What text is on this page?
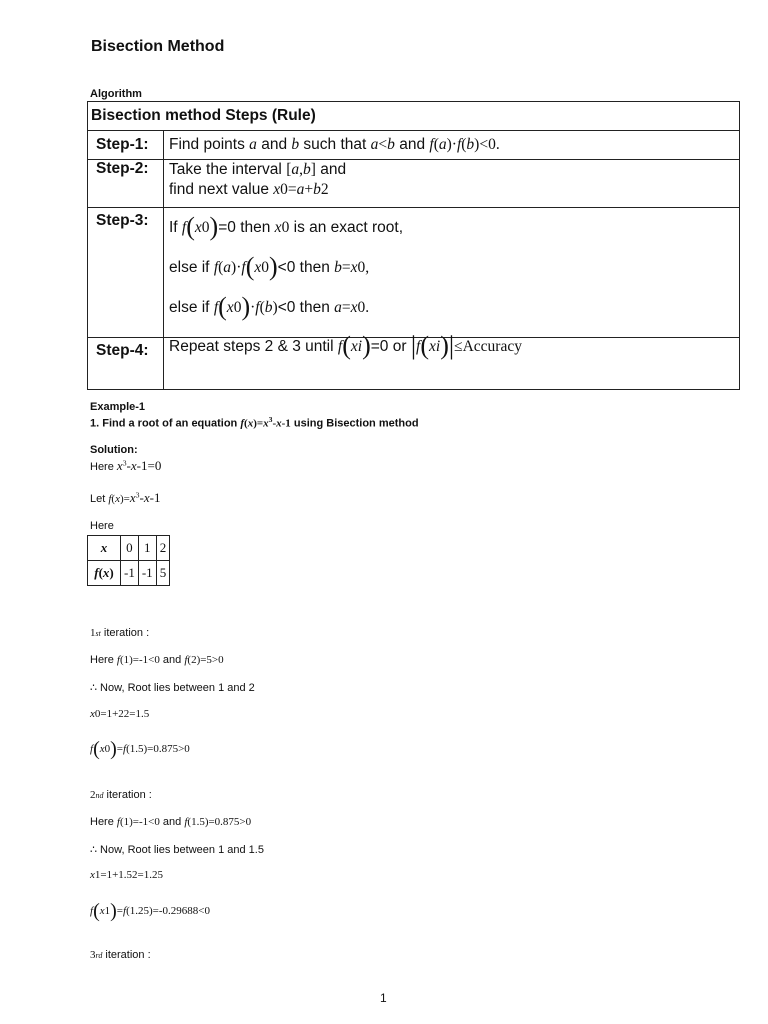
Bisection Method
Algorithm
Bisection method Steps (Rule)	
Step-1:	Find points a and b such that a<b and f(a)·f(b)<0.
Step-2:	Take the interval [a,b] and
find next value x0=a+b2

Step-3:	If f(x0)=0 then x0 is an exact root,
else if f(a)·f(x0)<0 then b=x0,
else if f(x0)·f(b)<0 then a=x0.

Step-4:	Repeat steps 2 & 3 until f(xi)=0 or |f(xi)|≤Accuracy
Example-1
1. Find a root of an equation $f(x)=x^3-x-1$ using Bisection method
Solution:
Here $x^3-x-1=0$
Let $f(x)=x^3-x-1$
Here
x	0	1	2
f(x)	-1	-1	5
1st iteration :
Here f(1)=-1<0 and f(2)=5>0
∴ Now, Root lies between 1 and 2
x0=1+22=1.5
f(x0)=f(1.5)=0.875>0
2nd iteration :
Here f(1)=-1<0 and f(1.5)=0.875>0
∴ Now, Root lies between 1 and 1.5
x1=1+1.52=1.25
f(x1)=f(1.25)=-0.29688<0
3rd iteration :
1
